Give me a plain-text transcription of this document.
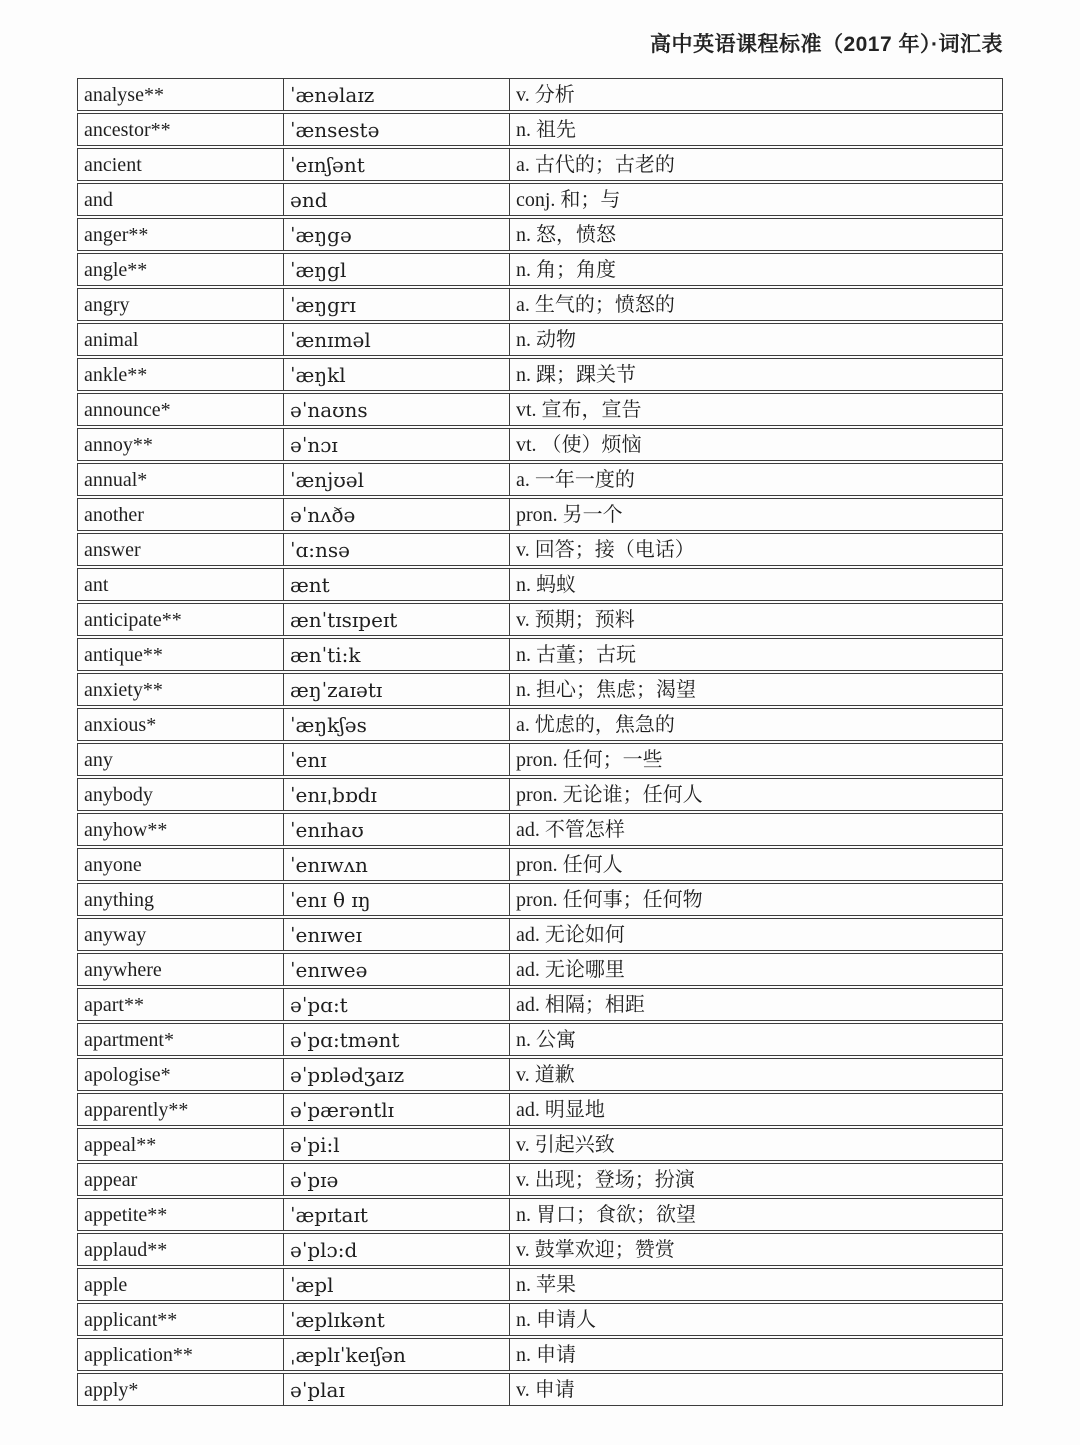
高中英语课程标准（2017 年）·词汇表
analyse**	ˈænəlaɪz	v. 分析
ancestor**	ˈænsestə	n. 祖先
ancient	ˈeɪnʃənt	a. 古代的；古老的
and	ənd	conj. 和；与
anger**	ˈæŋgə	n. 怒，愤怒
angle**	ˈæŋgl	n. 角；角度
angry	ˈæŋgrɪ	a. 生气的；愤怒的
animal	ˈænɪməl	n. 动物
ankle**	ˈæŋkl	n. 踝；踝关节
announce*	əˈnaʊns	vt. 宣布，宣告
annoy**	əˈnɔɪ	vt. （使）烦恼
annual*	ˈænjʊəl	a. 一年一度的
another	əˈnʌðə	pron. 另一个
answer	ˈɑ:nsə	v. 回答；接（电话）
ant	ænt	n. 蚂蚁
anticipate**	ænˈtɪsɪpeɪt	v. 预期；预料
antique**	ænˈti:k	n. 古董；古玩
anxiety**	æŋˈzaɪətɪ	n. 担心；焦虑；渴望
anxious*	ˈæŋkʃəs	a. 忧虑的，焦急的
any	ˈenɪ	pron. 任何；一些
anybody	ˈenɪˌbɒdɪ	pron. 无论谁；任何人
anyhow**	ˈenɪhaʊ	ad. 不管怎样
anyone	ˈenɪwʌn	pron. 任何人
anything	ˈenɪ θ ɪŋ	pron. 任何事；任何物
anyway	ˈenɪweɪ	ad. 无论如何
anywhere	ˈenɪweə	ad. 无论哪里
apart**	əˈpɑ:t	ad. 相隔；相距
apartment*	əˈpɑ:tmənt	n. 公寓
apologise*	əˈpɒlədʒaɪz	v. 道歉
apparently**	əˈpærəntlɪ	ad. 明显地
appeal**	əˈpi:l	v. 引起兴致
appear	əˈpɪə	v. 出现；登场；扮演
appetite**	ˈæpɪtaɪt	n. 胃口；食欲；欲望
applaud**	əˈplɔ:d	v. 鼓掌欢迎；赞赏
apple	ˈæpl	n. 苹果
applicant**	ˈæplɪkənt	n. 申请人
application**	ˌæplɪˈkeɪʃən	n. 申请
apply*	əˈplaɪ	v. 申请
